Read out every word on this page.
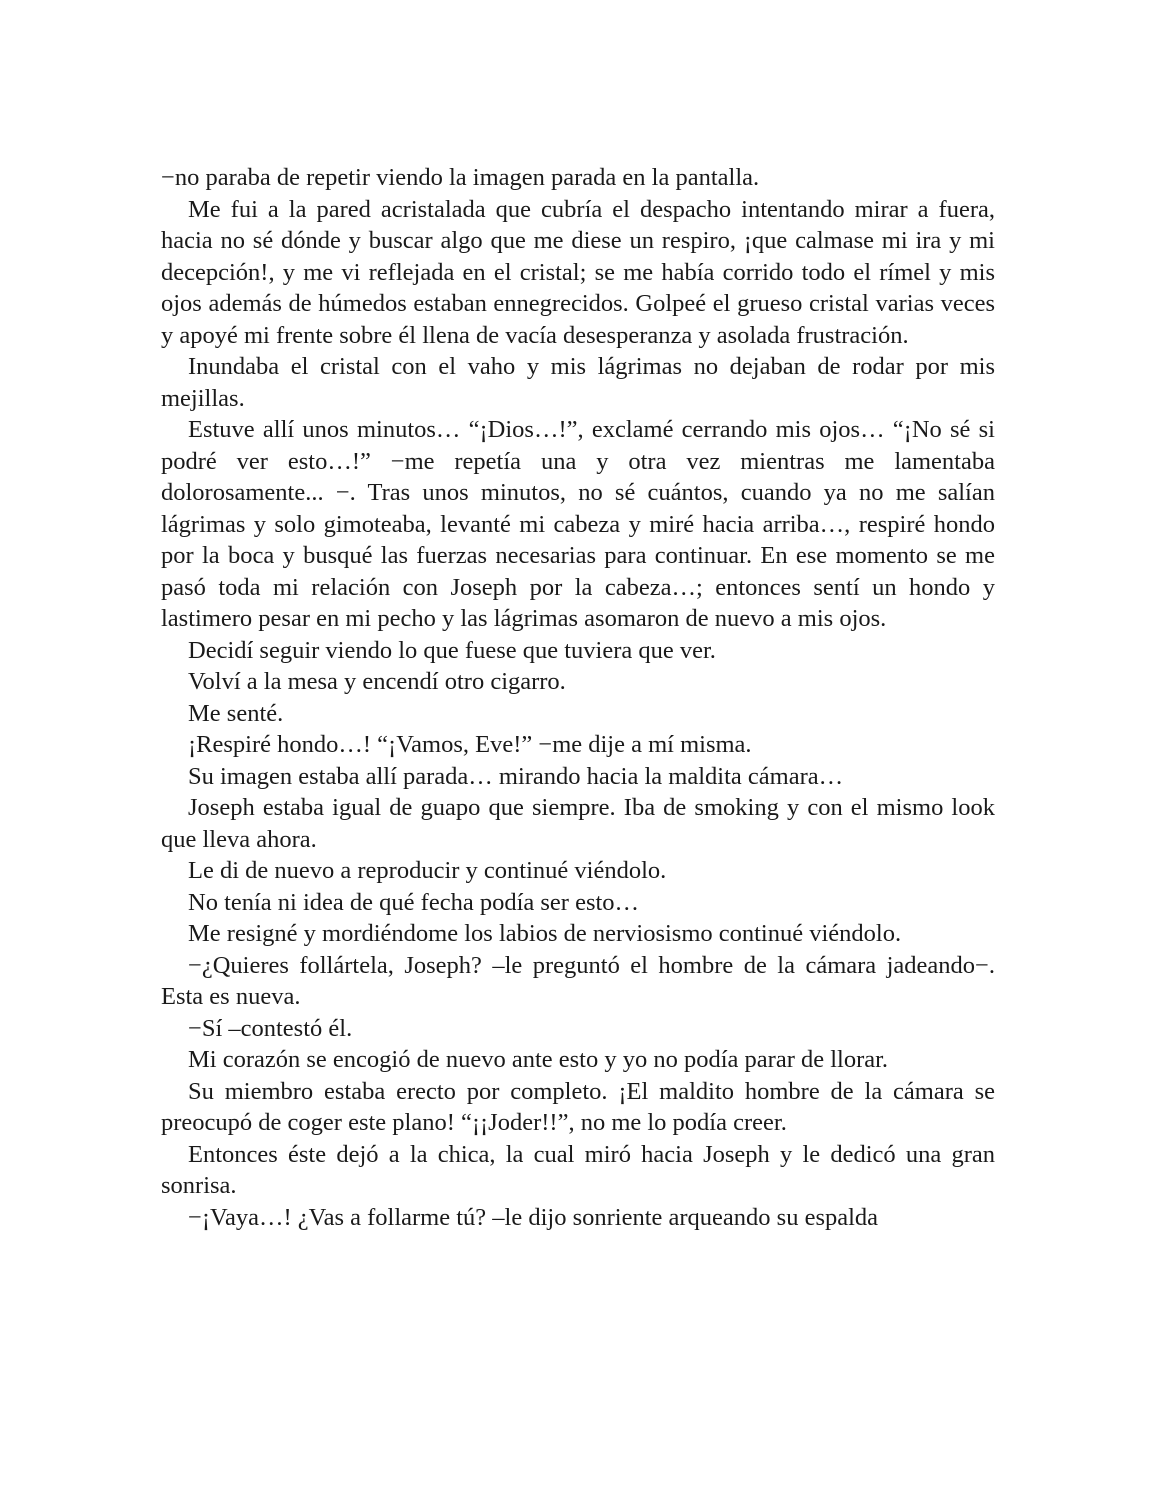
−no paraba de repetir viendo la imagen parada en la pantalla.

Me fui a la pared acristalada que cubría el despacho intentando mirar a fuera, hacia no sé dónde y buscar algo que me diese un respiro, ¡que calmase mi ira y mi decepción!, y me vi reflejada en el cristal; se me había corrido todo el rímel y mis ojos además de húmedos estaban ennegrecidos. Golpeé el grueso cristal varias veces y apoyé mi frente sobre él llena de vacía desesperanza y asolada frustración.

Inundaba el cristal con el vaho y mis lágrimas no dejaban de rodar por mis mejillas.

Estuve allí unos minutos… “¡Dios…!”, exclamé cerrando mis ojos… “¡No sé si podré ver esto…!” −me repetía una y otra vez mientras me lamentaba dolorosamente... −. Tras unos minutos, no sé cuántos, cuando ya no me salían lágrimas y solo gimoteaba, levanté mi cabeza y miré hacia arriba…, respiré hondo por la boca y busqué las fuerzas necesarias para continuar. En ese momento se me pasó toda mi relación con Joseph por la cabeza…; entonces sentí un hondo y lastimero pesar en mi pecho y las lágrimas asomaron de nuevo a mis ojos.

Decidí seguir viendo lo que fuese que tuviera que ver.

Volví a la mesa y encendí otro cigarro.

Me senté.

¡Respiré hondo…! “¡Vamos, Eve!” −me dije a mí misma.

Su imagen estaba allí parada… mirando hacia la maldita cámara…

Joseph estaba igual de guapo que siempre. Iba de smoking y con el mismo look que lleva ahora.

Le di de nuevo a reproducir y continué viéndolo.

No tenía ni idea de qué fecha podía ser esto…

Me resigné y mordiéndome los labios de nerviosismo continué viéndolo.

−¿Quieres follártela, Joseph? –le preguntó el hombre de la cámara jadeando−. Esta es nueva.

−Sí –contestó él.

Mi corazón se encogió de nuevo ante esto y yo no podía parar de llorar.

Su miembro estaba erecto por completo. ¡El maldito hombre de la cámara se preocupó de coger este plano! “¡¡Joder!!”, no me lo podía creer.

Entonces éste dejó a la chica, la cual miró hacia Joseph y le dedicó una gran sonrisa.

−¡Vaya…! ¿Vas a follarme tú? –le dijo sonriente arqueando su espalda
